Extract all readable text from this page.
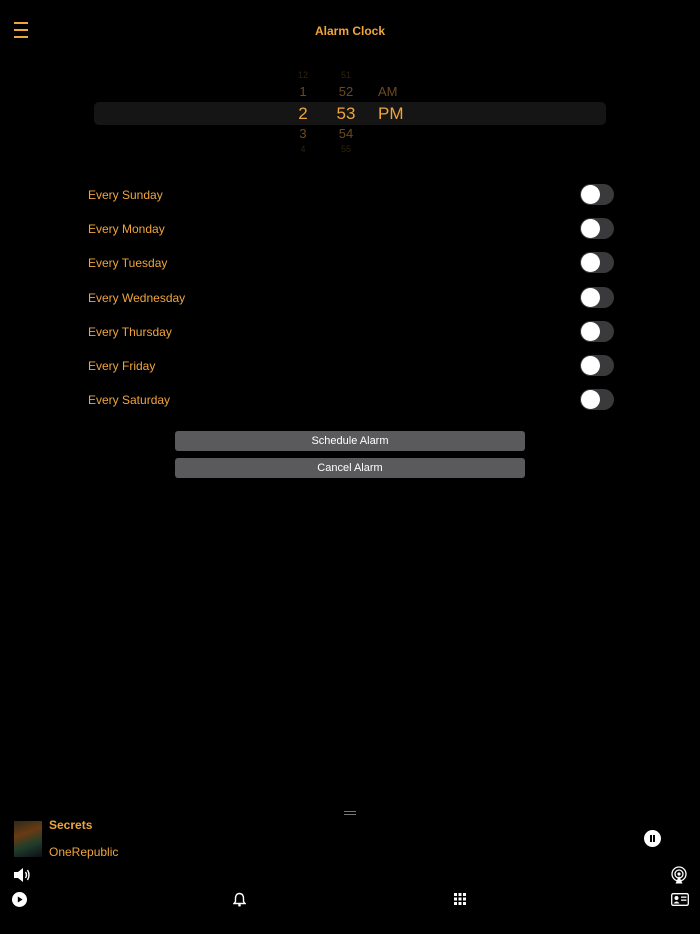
Alarm Clock
12
1
2
3
4
51
52
53
54
55
AM
PM
Every Sunday
Every Monday
Every Tuesday
Every Wednesday
Every Thursday
Every Friday
Every Saturday
Schedule Alarm
Cancel Alarm
Secrets
OneRepublic
